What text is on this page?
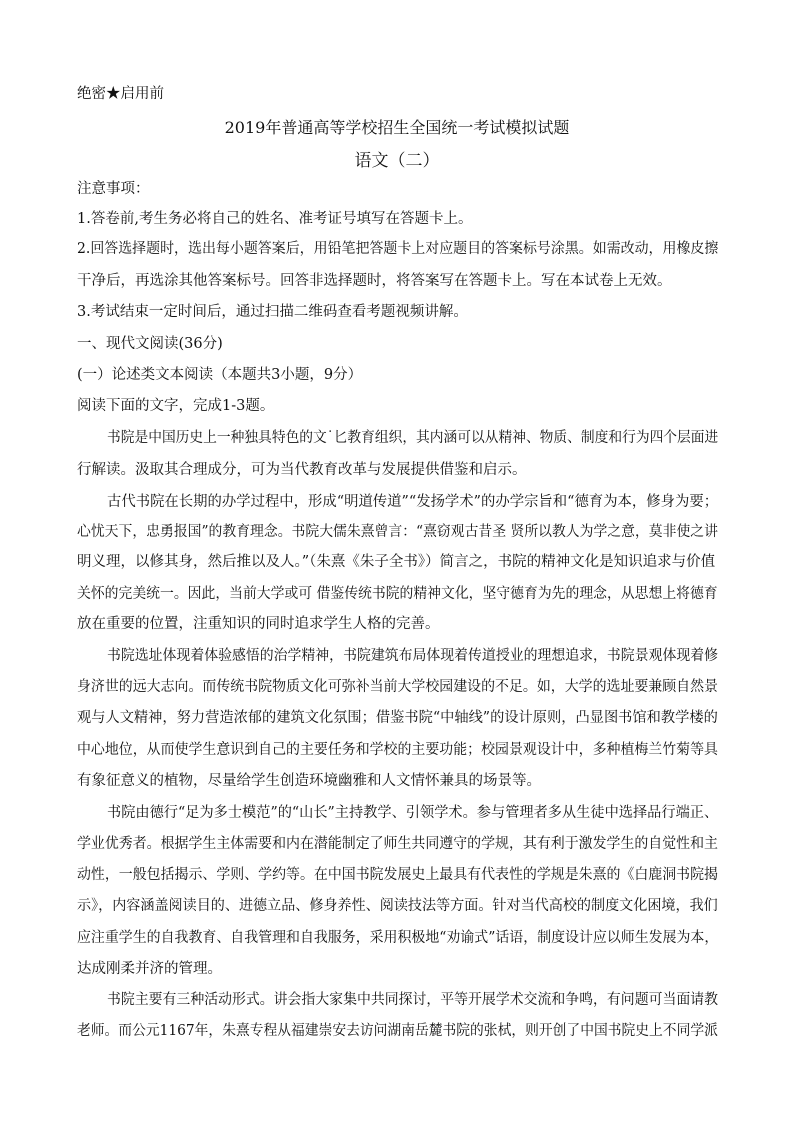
绝密★启用前
2019年普通高等学校招生全国统一考试模拟试题
语文（二）
注意事项：
1.答卷前,考生务必将自己的姓名、准考证号填写在答题卡上。
2.回答选择题时，选出每小题答案后，用铅笔把答题卡上对应题目的答案标号涂黑。如需改动，用橡皮擦
干净后，再选涂其他答案标号。回答非选择题时，将答案写在答题卡上。写在本试卷上无效。
3.考试结束一定时间后，通过扫描二维码查看考题视频讲解。
一、现代文阅读(36分)
(一）论述类文本阅读（本题共3小题，9分）
阅读下面的文字，完成1-3题。
书院是中国历史上一种独具特色的文˙匕教育组织，其内涵可以从精神、物质、制度和行为四个层面进
行解读。汲取其合理成分，可为当代教育改革与发展提供借鉴和启示。
古代书院在长期的办学过程中，形成“明道传道”“发扬学术”的办学宗旨和“德育为本，修身为要；
心忧天下，忠勇报国”的教育理念。书院大儒朱熹曾言：“熹窃观古昔圣 贤所以教人为学之意，莫非使之讲
明义理，以修其身，然后推以及人。”（朱熹《朱子全书》）简言之，书院的精神文化是知识追求与价值
关怀的完美统一。因此，当前大学或可 借鉴传统书院的精神文化，坚守德育为先的理念，从思想上将德育
放在重要的位置，注重知识的同时追求学生人格的完善。
书院选址体现着体验感悟的治学精神，书院建筑布局体现着传道授业的理想追求，书院景观体现着修
身济世的远大志向。而传统书院物质文化可弥补当前大学校园建设的不足。如，大学的选址要兼顾自然景
观与人文精神，努力营造浓郁的建筑文化氛围；借鉴书院“中轴线”的设计原则，凸显图书馆和教学楼的
中心地位，从而使学生意识到自己的主要任务和学校的主要功能；校园景观设计中，多种植梅兰竹菊等具
有象征意义的植物，尽量给学生创造环境幽雅和人文情怀兼具的场景等。
书院由德行“足为多士模范”的“山长”主持教学、引领学术。参与管理者多从生徒中选择品行端正、
学业优秀者。根据学生主体需要和内在潜能制定了师生共同遵守的学规，其有利于激发学生的自觉性和主
动性，一般包括揭示、学则、学约等。在中国书院发展史上最具有代表性的学规是朱熹的《白鹿洞书院揭
示》，内容涵盖阅读目的、进德立品、修身养性、阅读技法等方面。针对当代高校的制度文化困境，我们
应注重学生的自我教育、自我管理和自我服务，采用积极地“劝谕式”话语，制度设计应以师生发展为本，
达成刚柔并济的管理。
书院主要有三种活动形式。讲会指大家集中共同探讨，平等开展学术交流和争鸣，有问题可当面请教
老师。而公元1167年，朱熹专程从福建崇安去访问湖南岳麓书院的张栻，则开创了中国书院史上不同学派
